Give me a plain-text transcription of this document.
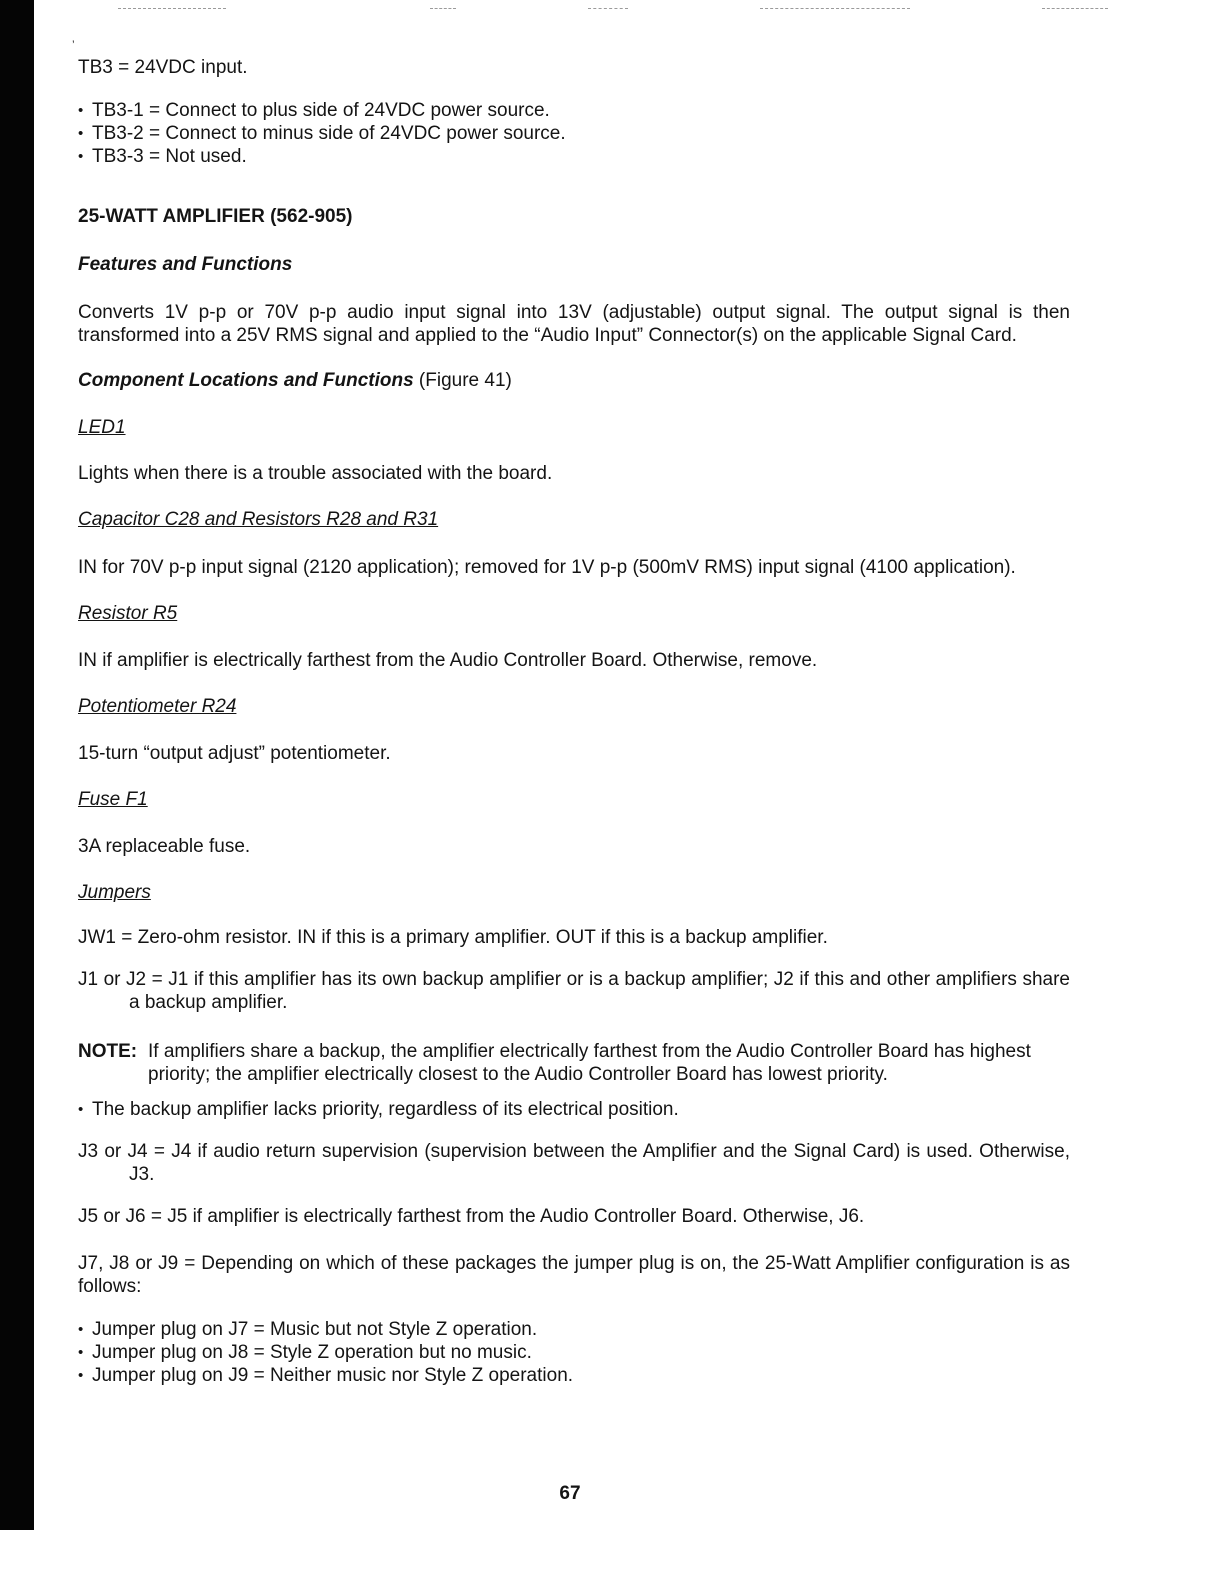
’

TB3 = 24VDC input.

• TB3-1 = Connect to plus side of 24VDC power source.
• TB3-2 = Connect to minus side of 24VDC power source.
• TB3-3 = Not used.

25-WATT AMPLIFIER (562-905)

Features and Functions

Converts 1V p-p or 70V p-p audio input signal into 13V (adjustable) output signal. The output signal is then transformed into a 25V RMS signal and applied to the “Audio Input” Connector(s) on the applicable Signal Card.

Component Locations and Functions (Figure 41)

LED1

Lights when there is a trouble associated with the board.

Capacitor C28 and Resistors R28 and R31

IN for 70V p-p input signal (2120 application); removed for 1V p-p (500mV RMS) input signal (4100 application).

Resistor R5

IN if amplifier is electrically farthest from the Audio Controller Board. Otherwise, remove.

Potentiometer R24

15-turn “output adjust” potentiometer.

Fuse F1

3A replaceable fuse.

Jumpers

JW1 = Zero-ohm resistor. IN if this is a primary amplifier. OUT if this is a backup amplifier.

J1 or J2 = J1 if this amplifier has its own backup amplifier or is a backup amplifier; J2 if this and other amplifiers share a backup amplifier.

NOTE: If amplifiers share a backup, the amplifier electrically farthest from the Audio Controller Board has highest priority; the amplifier electrically closest to the Audio Controller Board has lowest priority.
• The backup amplifier lacks priority, regardless of its electrical position.

J3 or J4 = J4 if audio return supervision (supervision between the Amplifier and the Signal Card) is used. Otherwise, J3.

J5 or J6 = J5 if amplifier is electrically farthest from the Audio Controller Board. Otherwise, J6.

J7, J8 or J9 = Depending on which of these packages the jumper plug is on, the 25-Watt Amplifier configuration is as follows:

• Jumper plug on J7 = Music but not Style Z operation.
• Jumper plug on J8 = Style Z operation but no music.
• Jumper plug on J9 = Neither music nor Style Z operation.
67
